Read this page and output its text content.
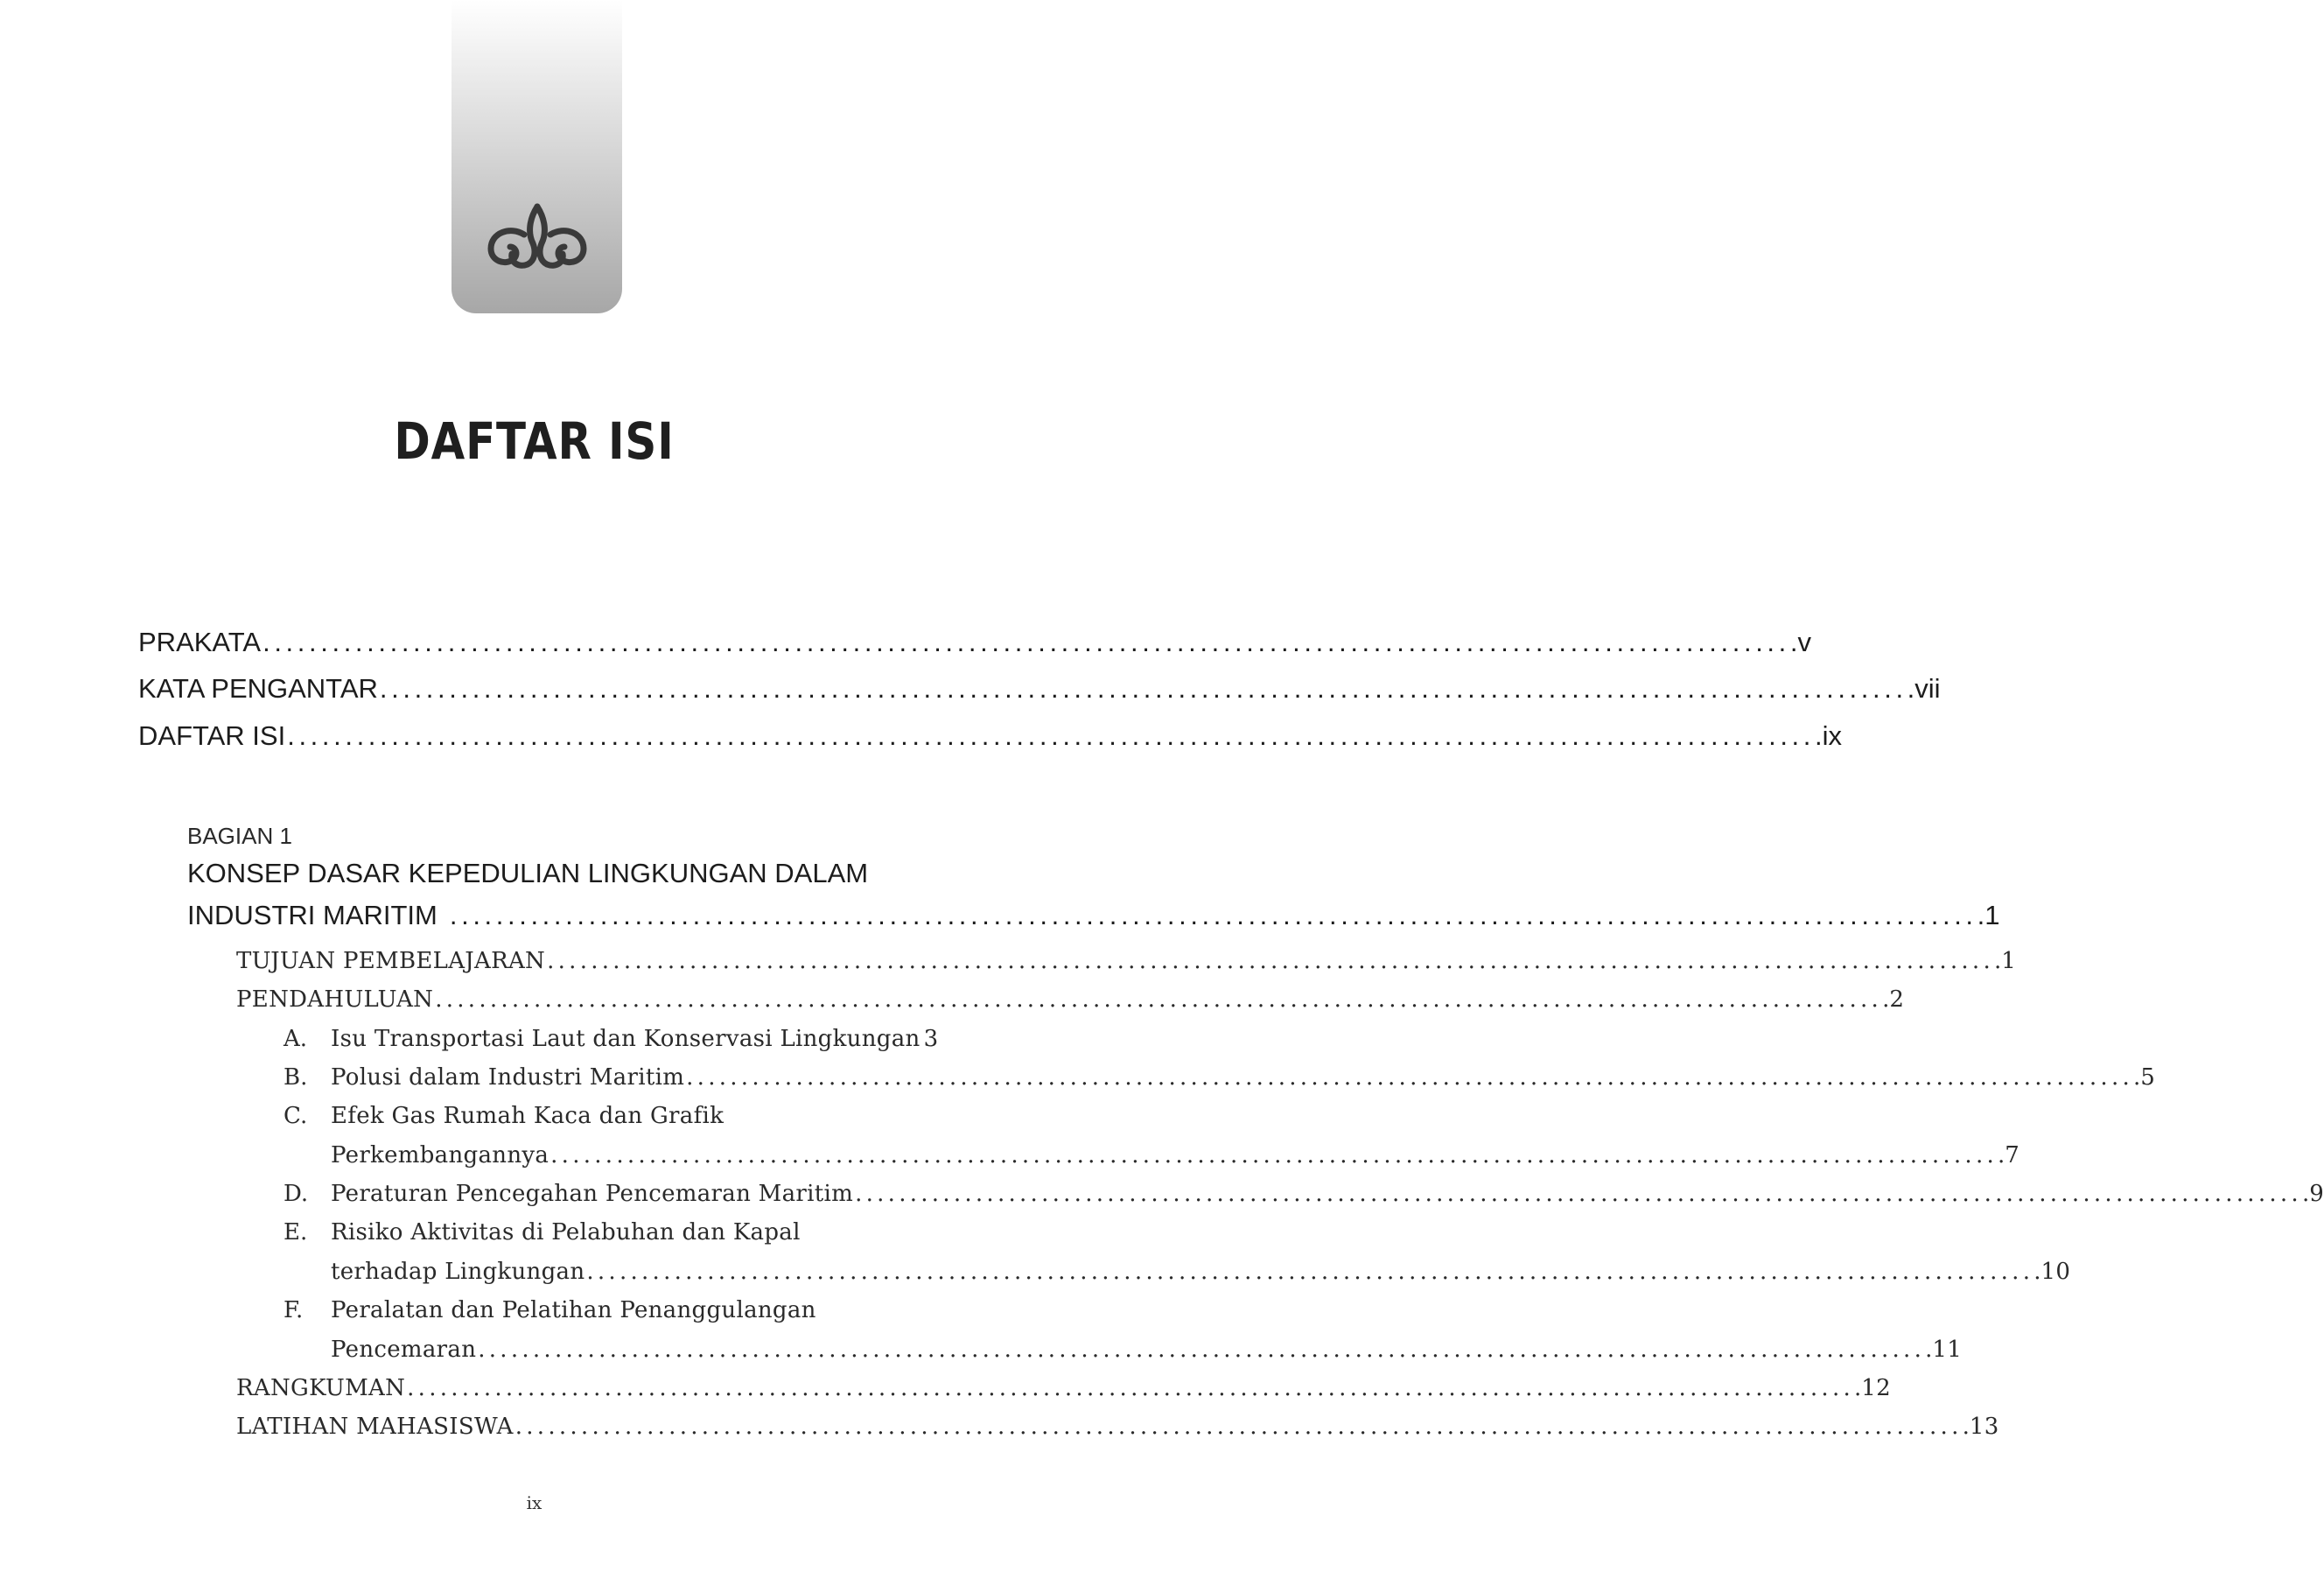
DAFTAR ISI
PRAKATA . . .	v
KATA PENGANTAR . . .	vii
DAFTAR ISI . . .	ix
BAGIAN 1
KONSEP DASAR KEPEDULIAN LINGKUNGAN DALAM
INDUSTRI MARITIM . . .	1
TUJUAN PEMBELAJARAN . . .	1
PENDAHULUAN . . .	2
A. Isu Transportasi Laut dan Konservasi Lingkungan 3
B. Polusi dalam Industri Maritim . . .	5
C. Efek Gas Rumah Kaca dan Grafik
Perkembangannya . . .	7
D. Peraturan Pencegahan Pencemaran Maritim . . .	9
E. Risiko Aktivitas di Pelabuhan dan Kapal
terhadap Lingkungan . . .	10
F. Peralatan dan Pelatihan Penanggulangan
Pencemaran . . .	11
RANGKUMAN . . .	12
LATIHAN MAHASISWA . . .	13
ix
